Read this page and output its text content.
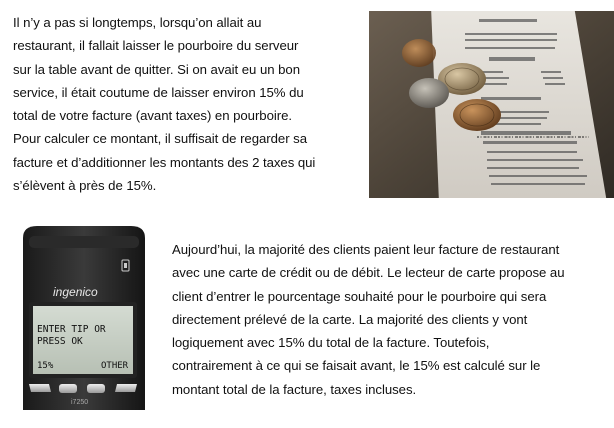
Il n’y a pas si longtemps, lorsqu’on allait au
restaurant, il fallait laisser le pourboire du serveur
sur la table avant de quitter. Si on avait eu un bon
service, il était coutume de laisser environ 15% du
total de votre facture (avant taxes) en pourboire.
Pour calculer ce montant, il suffisait de regarder sa
facture et d’additionner les montants des 2 taxes qui
s’élèvent à près de 15%.

ingenico
ENTER TIP OR
PRESS OK
15%	OTHER
i7250

Aujourd’hui, la majorité des clients paient leur facture de restaurant
avec une carte de crédit ou de débit. Le lecteur de carte propose au
client d’entrer le pourcentage souhaité pour le pourboire qui sera
directement prélevé de la carte. La majorité des clients y vont
logiquement avec 15% du total de la facture. Toutefois,
contrairement à ce qui se faisait avant, le 15% est calculé sur le
montant total de la facture, taxes incluses.
